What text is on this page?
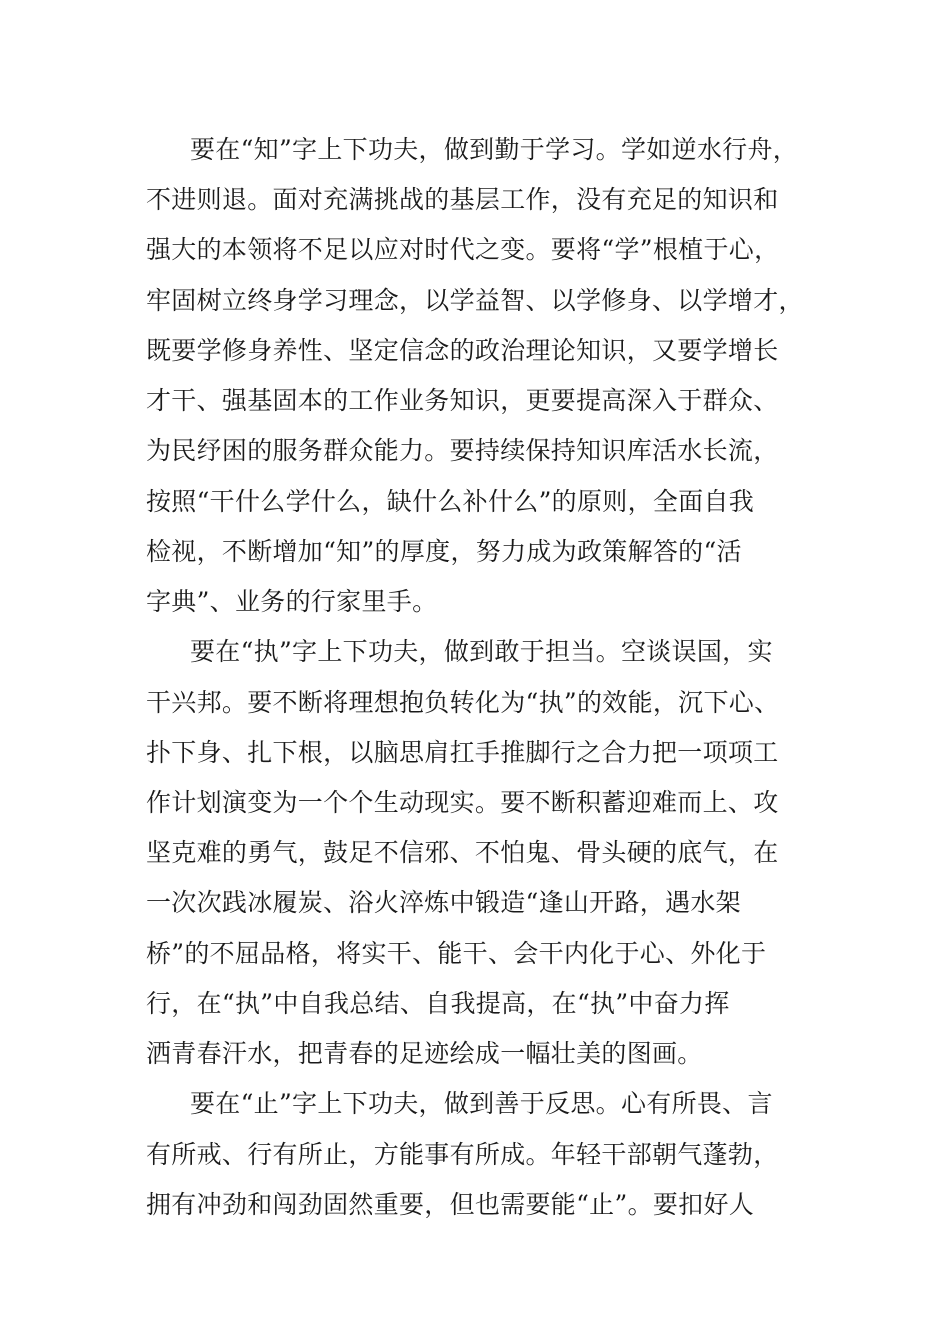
要在“知”字上下功夫，做到勤于学习。学如逆水行舟，
不进则退。面对充满挑战的基层工作，没有充足的知识和
强大的本领将不足以应对时代之变。要将“学”根植于心，
牢固树立终身学习理念，以学益智、以学修身、以学增才，
既要学修身养性、坚定信念的政治理论知识，又要学增长
才干、强基固本的工作业务知识，更要提高深入于群众、
为民纾困的服务群众能力。要持续保持知识库活水长流，
按照“干什么学什么，缺什么补什么”的原则，全面自我
检视，不断增加“知”的厚度，努力成为政策解答的“活
字典”、业务的行家里手。
要在“执”字上下功夫，做到敢于担当。空谈误国，实
干兴邦。要不断将理想抱负转化为“执”的效能，沉下心、
扑下身、扎下根，以脑思肩扛手推脚行之合力把一项项工
作计划演变为一个个生动现实。要不断积蓄迎难而上、攻
坚克难的勇气，鼓足不信邪、不怕鬼、骨头硬的底气，在
一次次践冰履炭、浴火淬炼中锻造“逢山开路，遇水架
桥”的不屈品格，将实干、能干、会干内化于心、外化于
行，在“执”中自我总结、自我提高，在“执”中奋力挥
洒青春汗水，把青春的足迹绘成一幅壮美的图画。
要在“止”字上下功夫，做到善于反思。心有所畏、言
有所戒、行有所止，方能事有所成。年轻干部朝气蓬勃，
拥有冲劲和闯劲固然重要，但也需要能“止”。要扣好人
